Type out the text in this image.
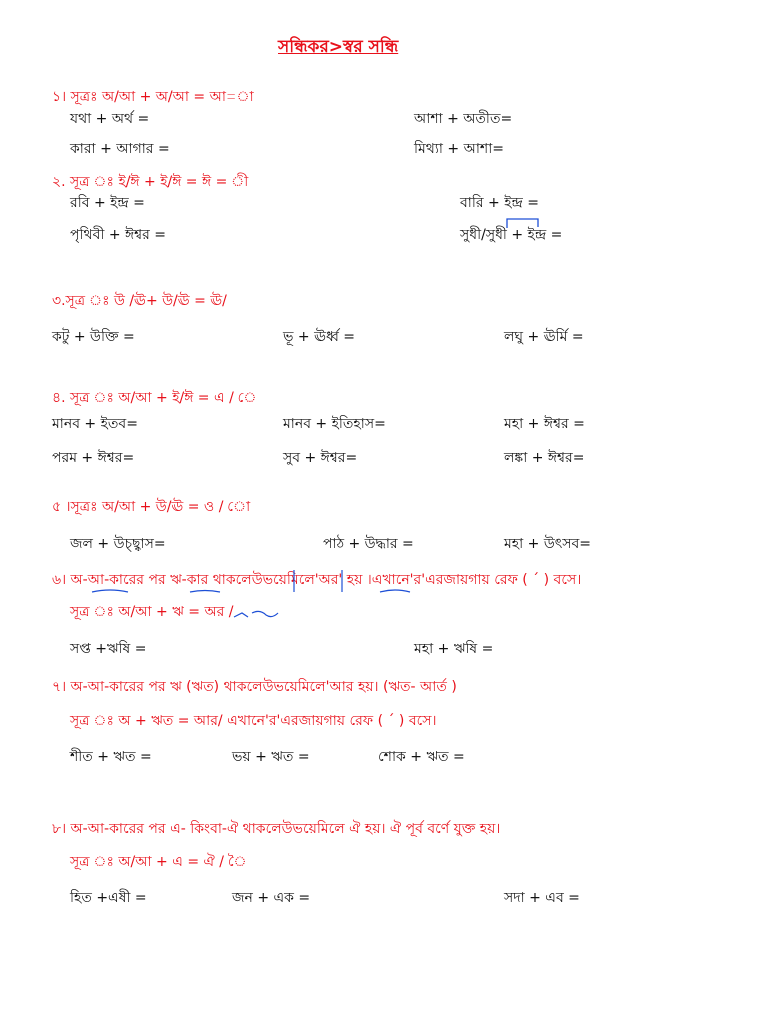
সন্ধিকর>স্বর সন্ধি
১। সূত্রঃ অ/আ + অ/আ = আ=া
যথা + অর্থ =	আশা + অতীত=
কারা + আগার =	মিথ্যা + আশা=
২. সূত্র ঃ ই/ঈ + ই/ঈ = ঈ = ী
রবি + ইন্দ্র =	বারি + ইন্দ্র =
পৃথিবী + ঈশ্বর =	সুধী/সুধী + ইন্দ্র =
৩.সূত্র ঃ উ /ঊ+ উ/ঊ = ঊ/
কটু + উক্তি =	ভূ + ঊর্ধ্ব =	লঘু + ঊর্মি =
৪. সূত্র ঃ অ/আ + ই/ঈ = এ / ে
মানব + ইতব=	মানব + ইতিহাস=	মহা + ঈশ্বর =
পরম + ঈশ্বর=	সুব + ঈশ্বর=	লঙ্কা + ঈশ্বর=
৫ ।সূত্রঃ অ/আ + উ/ঊ = ও / ো
জল + উচ্ছ্বাস=	পাঠ + উদ্ধার =	মহা + উৎসব=
৬। অ-আ-কারের পর ঋ-কার থাকলেউভয়েমিলে'অর' হয় ।এখানে'র'এরজায়গায় রেফ ( ´ ) বসে।
সূত্র ঃ অ/আ + ঋ = অর /
সপ্ত +ঋষি =	মহা + ঋষি =
৭। অ-আ-কারের পর ঋ (ঋত) থাকলেউভয়েমিলে'আর হয়। (ঋত- আর্ত )
সূত্র ঃ অ + ঋত = আর/ এখানে'র'এরজায়গায় রেফ ( ´ ) বসে।
শীত + ঋত =	ভয় + ঋত =	শোক + ঋত =
৮। অ-আ-কারের পর এ- কিংবা-ঐ থাকলেউভয়েমিলে ঐ হয়। ঐ পূর্ব বর্ণে যুক্ত হয়।
সূত্র ঃ অ/আ + এ = ঐ / ৈ
হিত +এষী =	জন + এক =	সদা + এব =
